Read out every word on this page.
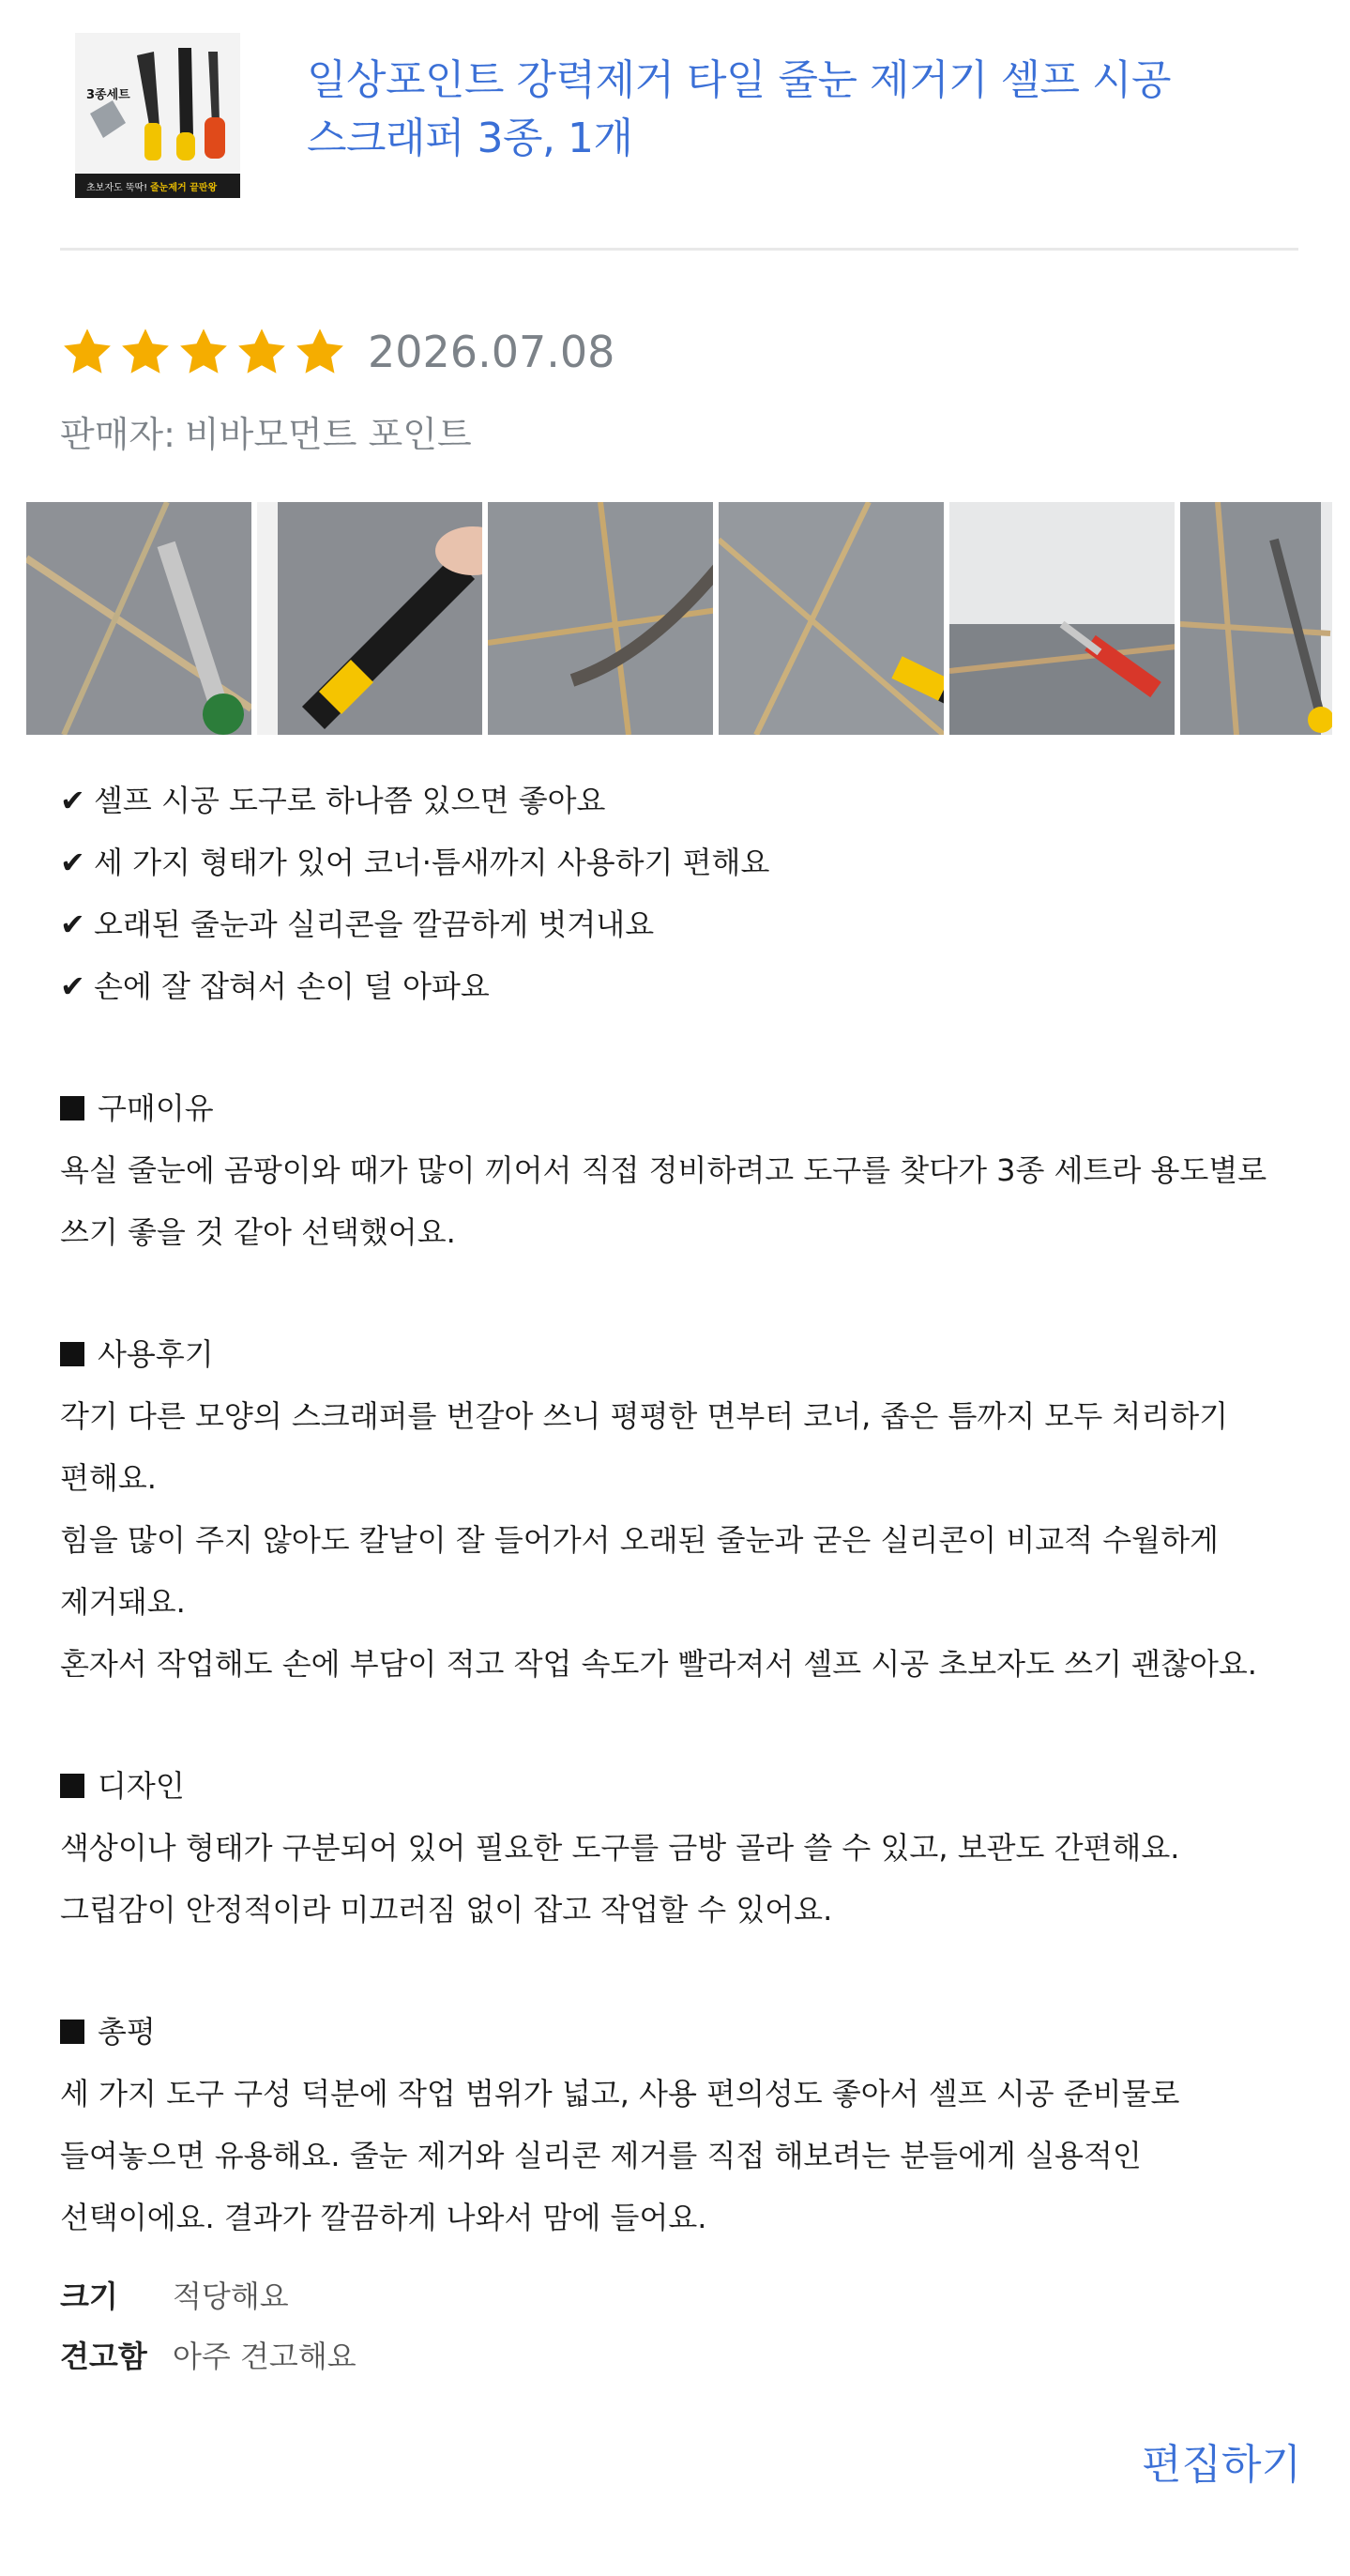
3종세트
초보자도 뚝딱! 줄눈제거 끝판왕
일상포인트 강력제거 타일 줄눈 제거기 셀프 시공
스크래퍼 3종, 1개
2026.07.08
판매자: 비바모먼트 포인트
✔ 셀프 시공 도구로 하나쯤 있으면 좋아요
✔ 세 가지 형태가 있어 코너·틈새까지 사용하기 편해요
✔ 오래된 줄눈과 실리콘을 깔끔하게 벗겨내요
✔ 손에 잘 잡혀서 손이 덜 아파요
구매이유
욕실 줄눈에 곰팡이와 때가 많이 끼어서 직접 정비하려고 도구를 찾다가 3종 세트라 용도별로
쓰기 좋을 것 같아 선택했어요.
사용후기
각기 다른 모양의 스크래퍼를 번갈아 쓰니 평평한 면부터 코너, 좁은 틈까지 모두 처리하기
편해요.
힘을 많이 주지 않아도 칼날이 잘 들어가서 오래된 줄눈과 굳은 실리콘이 비교적 수월하게
제거돼요.
혼자서 작업해도 손에 부담이 적고 작업 속도가 빨라져서 셀프 시공 초보자도 쓰기 괜찮아요.
디자인
색상이나 형태가 구분되어 있어 필요한 도구를 금방 골라 쓸 수 있고, 보관도 간편해요.
그립감이 안정적이라 미끄러짐 없이 잡고 작업할 수 있어요.
총평
세 가지 도구 구성 덕분에 작업 범위가 넓고, 사용 편의성도 좋아서 셀프 시공 준비물로
들여놓으면 유용해요. 줄눈 제거와 실리콘 제거를 직접 해보려는 분들에게 실용적인
선택이에요. 결과가 깔끔하게 나와서 맘에 들어요.
크기	적당해요
견고함 아주 견고해요
편집하기
